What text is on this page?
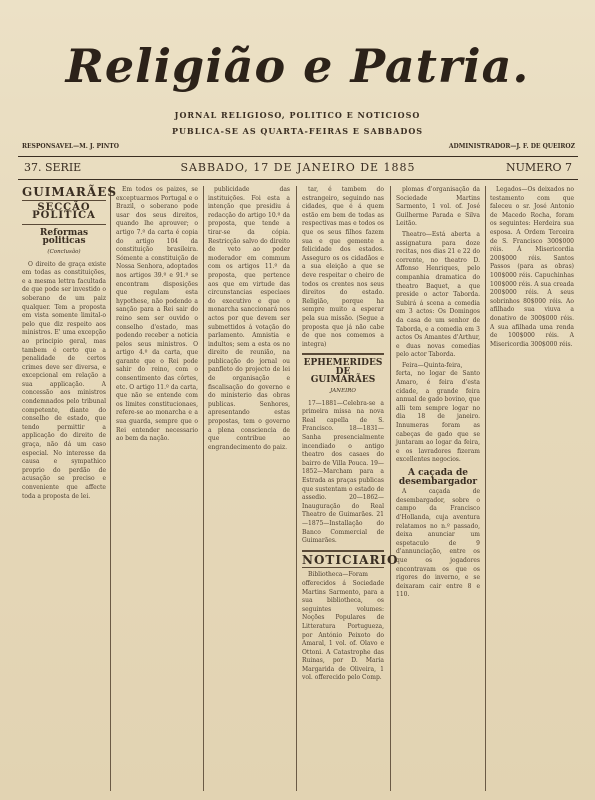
Religião e Patria.
JORNAL RELIGIOSO, POLITICO E NOTICIOSO
PUBLICA-SE AS QUARTA-FEIRAS E SABBADOS
RESPONSAVEL—M. J. PINTO	ADMINISTRADOR—J. F. DE QUEIROZ
37. SERIE	SABBADO, 17 DE JANEIRO DE 1885	NUMERO 7
GUIMARÃES
SECÇÃO POLITICA
Reformas politicas
(Conclusão)

O direito de graça existe em todas as constituições, e a mesma lettra facultada de que pode ser investido o soberano de um paiz qualquer. Tem a proposta em vista somente limital-o pelo que diz respeito aos ministros. E' uma excepção ao principio geral, mas tambem é certo que a penalidade de certos crimes deve ser diversa, e excepcional em relação a sua applicação. A concessão aos ministros condemnados pelo tribunal competente, diante do conselho de estado, que tendo permittir a applicação do direito de graça, não dá um caso especial. No interesse da causa e sympathico proprio do perdão de acusação se preciso e conveniente que affecte toda a proposta de lei.

Em todos os paizes, se exceptuarmos Portugal e o Brazil, o soberano pode usar dos seus direitos, quando lhe aprouver; o artigo 7.º da carta é copia do artigo 104 da constituição brasileira. Sómente a constituição de Nossa Senhora, adoptados nos artigos 39.º e 91.º se encontram disposições que regulam esta hypothese, não podendo a sanção para a Rei sair do reino sem ser ouvido o conselho d'estado, mas podendo receber a noticia pelos seus ministros. O artigo 4.º da carta, que garante que o Rei pode sahir do reino, com o consentimento das côrtes, etc. O artigo 11.º da carta, que não se entende com os limites constitucionaes, refere-se ao monarcha e a sua guarda, sempre que o Rei entender necessario ao bem da nação.

publicidade das instituições. Foi esta a intenção que presidiu á redacção do artigo 10.º da proposta, que tende a tirar-se da cópia. Restricção salvo do direito de veto ao poder moderador em commum com os artigos 11.º da proposta, que pertence aos que em virtude das circunstancias especiaes do executivo e que o monarcha sanccionará nos actos por que devem ser submettidos á votação do parlamento. Amnistia e indultos; sem a esta os no direito de reunião, na publicação do jornal ou panfleto do projecto de lei de organisação e fiscalisação do governo e do ministerio das obras publicas. Senhores, apresentando estas propostas, tem o governo a plena consciencia de que contribue ao engrandecimento do paiz.

tar, é tambem do estrangeiro, seguindo nas cidades, que é á quem estão em bem de todas as respectivas mas e todos os que os seus filhos fazem sua e que gemente a felicidade dos estados. Asseguro os os cidadãos e a sua eleição a que se deve respeitar o cheiro de todos os crentes nos seus direitos do estado. Religião, porque ha sempre muito a esperar pela sua missão. (Segue a proposta que já não cabe de que nos comemos a integra)

EPHEMERIDES DE GUIMARÃES
JANEIRO

17—1881—Celebra-se a primeira missa na nova Real capella de S. Francisco. 18—1831—Sanha presencialmente incendiado o antigo theatro dos casaes do bairro de Villa Pouca. 19—1852—Marcham para a Estrada as praças publicas que sustentam o estado de assedio. 20—1862—Inauguração do Real Theatro de Guimarães. 21—1875—Installação do Banco Commercial de Guimarães.

NOTICIARIO

Bibliotheca—Foram offerecidos á Sociedade Martins Sarmento, para a sua bibliotheca, os seguintes volumes: Noções Populares de Litteratura Portugueza, por António Peixoto do Amaral, 1 vol. of. Olavo e Ottoni. A Catastrophe das Ruinas, por D. Maria Margarida de Oliveira, 1 vol. offerecido pelo Comp.

plomas d'organisação da Sociedade Martins Sarmento, 1 vol. of. José Guilherme Parada e Silva Leitão.

Theatro—Está aberta a assignatura para doze recitas, nos dias 21 e 22 do corrente, no theatro D. Affonso Henriques, pelo companhia dramatica do theatro Baquet, a que preside o actor Taborda. Subirá á scena a comedia em 3 actos: Os Domingos da casa de um senhor de Taborda, e a comedia em 3 actos Os Amantes d'Arthur, e duas novas comedias pelo actor Taborda.

Feira—Quinta-feira, ferta, no logar de Santo Amaro, é feira d'esta cidade, a grande feira annual de gado bovino, que alli tem sempre logar no dia 18 de janeiro. Innumeras foram as cabeças de gado que se juntaram ao logar da feira, e os lavradores fizeram excellentes negocios.

A caçada de desembargador

A caçada de desembargador, sobre o campo da Francisco d'Hollanda, cuja aventura relatamos no n.º passado, deixa anunciar um espetaculo de 9 d'annunciação, entre os que os jogadores encontravam os que os rigores do inverno, e se deixaram cair entre 8 e 110.

Legados—Os deixados no testamento com que faleceu o sr. José Antonio de Macedo Rocha, foram os seguintes: Herdeira sua esposa. A Ordem Terceira de S. Francisco 300$000 réis. Á Misericordia 200$000 réis. Santos Passos (para as obras) 100$000 réis. Capuchinhas 100$000 réis. A sua creada 200$000 réis. A seus sobrinhos 80$000 réis. Ao afilhado sua viuva a donativo de 300$000 réis. A sua afilhada uma renda de 100$000 réis. A Misericordia 300$000 réis.
